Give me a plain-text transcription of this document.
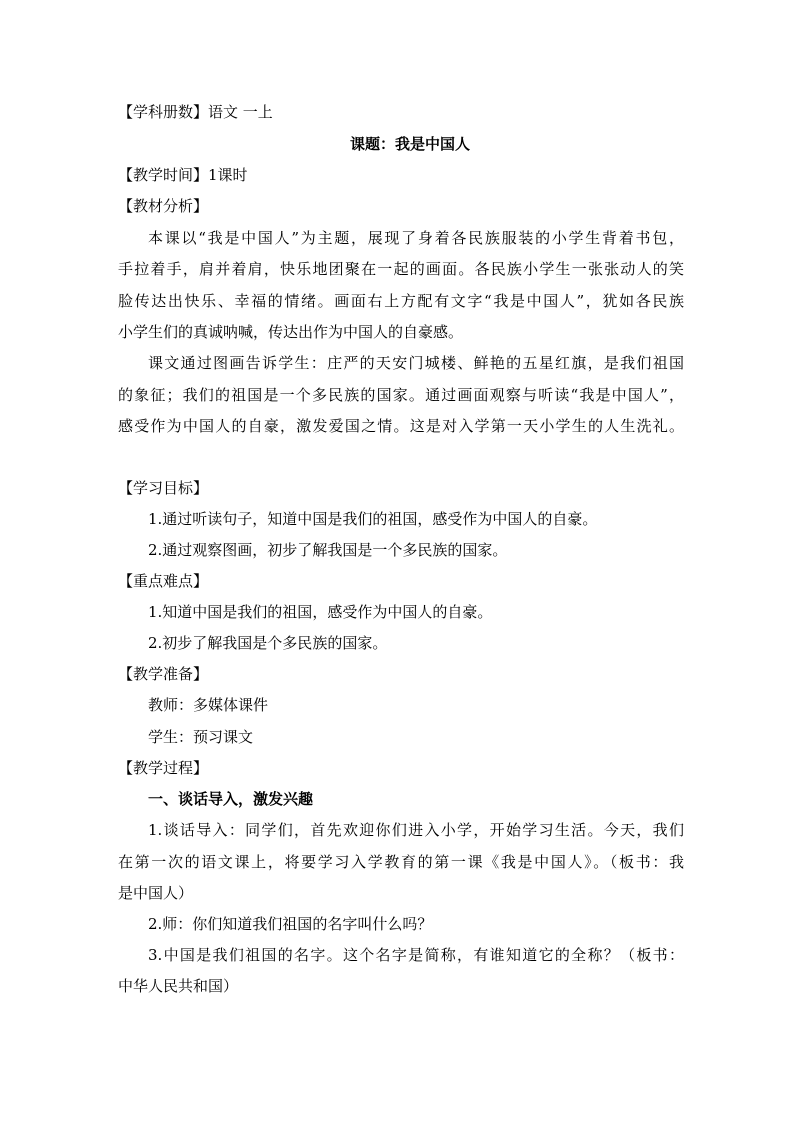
【学科册数】语文 一上
课题：我是中国人
【教学时间】1课时
【教材分析】
本课以“我是中国人”为主题，展现了身着各民族服装的小学生背着书包，
手拉着手，肩并着肩，快乐地团聚在一起的画面。各民族小学生一张张动人的笑
脸传达出快乐、幸福的情绪。画面右上方配有文字“我是中国人”，犹如各民族
小学生们的真诚呐喊，传达出作为中国人的自豪感。
课文通过图画告诉学生：庄严的天安门城楼、鲜艳的五星红旗，是我们祖国
的象征；我们的祖国是一个多民族的国家。通过画面观察与听读“我是中国人”，
感受作为中国人的自豪，激发爱国之情。这是对入学第一天小学生的人生洗礼。
【学习目标】
1.通过听读句子，知道中国是我们的祖国，感受作为中国人的自豪。
2.通过观察图画，初步了解我国是一个多民族的国家。
【重点难点】
1.知道中国是我们的祖国，感受作为中国人的自豪。
2.初步了解我国是个多民族的国家。
【教学准备】
教师：多媒体课件
学生：预习课文
【教学过程】
一、谈话导入，激发兴趣
1.谈话导入：同学们，首先欢迎你们进入小学，开始学习生活。今天，我们
在第一次的语文课上，将要学习入学教育的第一课《我是中国人》。（板书：我
是中国人）
2.师：你们知道我们祖国的名字叫什么吗？
3.中国是我们祖国的名字。这个名字是简称，有谁知道它的全称？（板书：
中华人民共和国）
